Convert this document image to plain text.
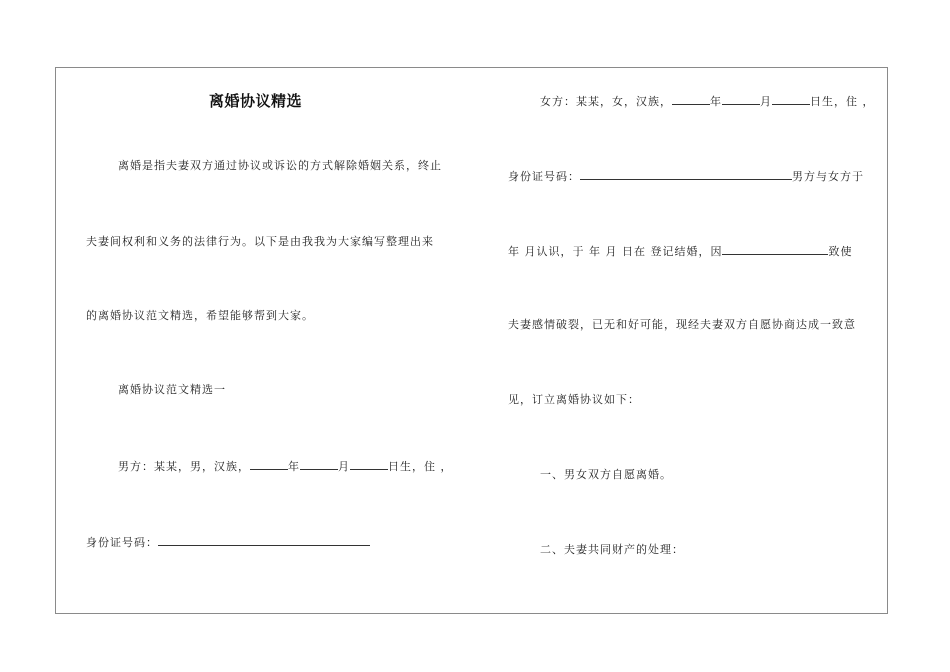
离婚协议精选
离婚是指夫妻双方通过协议或诉讼的方式解除婚姻关系，终止
夫妻间权利和义务的法律行为。以下是由我我为大家编写整理出来
的离婚协议范文精选，希望能够帮到大家。
离婚协议范文精选一
男方：某某，男，汉族，	年	月	日生，住 ，
身份证号码：
女方：某某，女，汉族，	年	月	日生，住 ，
身份证号码：	男方与女方于
年 月认识，于 年 月 日在 登记结婚，因	致使
夫妻感情破裂，已无和好可能，现经夫妻双方自愿协商达成一致意
见，订立离婚协议如下：
一、男女双方自愿离婚。
二、夫妻共同财产的处理：
